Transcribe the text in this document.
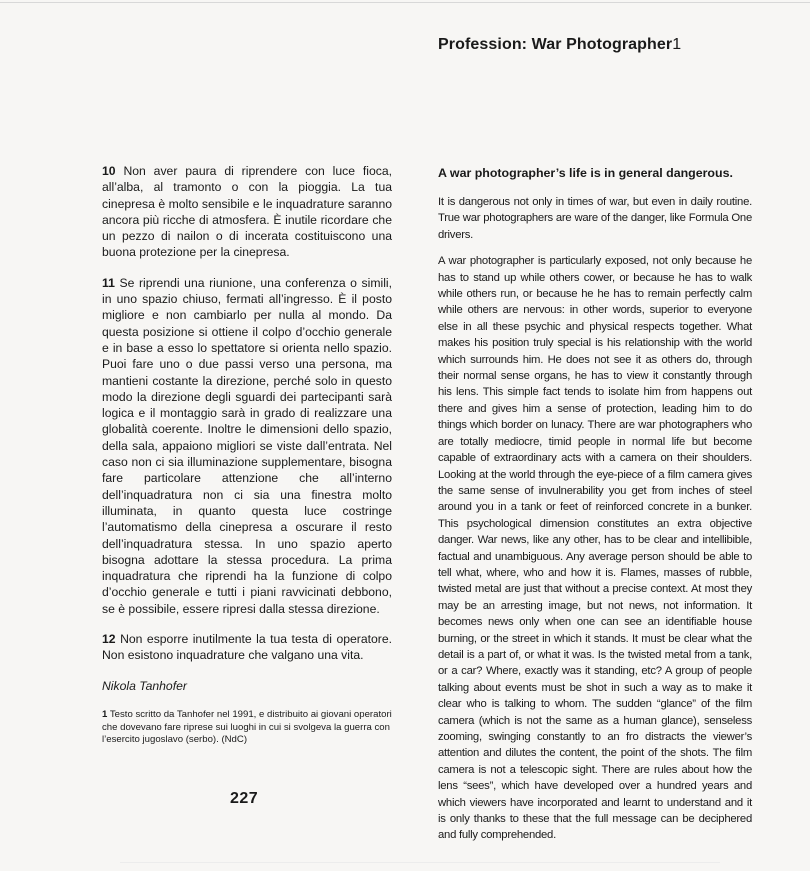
Profession: War Photographer1

10 Non aver paura di riprendere con luce fioca, all’alba, al tramonto o con la pioggia. La tua cinepresa è molto sensibile e le inquadrature saranno ancora più ricche di atmosfera. È inutile ricordare che un pezzo di nailon o di incerata costituiscono una buona protezione per la cinepresa.

11 Se riprendi una riunione, una conferenza o simili, in uno spazio chiuso, fermati all’ingresso. È il posto migliore e non cambiarlo per nulla al mondo. Da questa posizione si ottiene il colpo d’occhio generale e in base a esso lo spettatore si orienta nello spazio. Puoi fare uno o due passi verso una persona, ma mantieni costante la direzione, perché solo in questo modo la direzione degli sguardi dei partecipanti sarà logica e il montaggio sarà in grado di realizzare una globalità coerente. Inoltre le dimensioni dello spazio, della sala, appaiono migliori se viste dall’entrata. Nel caso non ci sia illuminazione supplementare, bisogna fare particolare attenzione che all’interno dell’inquadratura non ci sia una finestra molto illuminata, in quanto questa luce costringe l’automatismo della cinepresa a oscurare il resto dell’inquadratura stessa. In uno spazio aperto bisogna adottare la stessa procedura. La prima inquadratura che riprendi ha la funzione di colpo d’occhio generale e tutti i piani ravvicinati debbono, se è possibile, essere ripresi dalla stessa direzione.

12 Non esporre inutilmente la tua testa di operatore. Non esistono inquadrature che valgano una vita.

Nikola Tanhofer

1 Testo scritto da Tanhofer nel 1991, e distribuito ai giovani operatori che dovevano fare riprese sui luoghi in cui si svolgeva la guerra con l’esercito jugoslavo (serbo). (NdC)
227
A war photographer’s life is in general dangerous.

It is dangerous not only in times of war, but even in daily routine. True war photographers are ware of the danger, like Formula One drivers.

A war photographer is particularly exposed, not only because he has to stand up while others cower, or because he has to walk while others run, or because he he has to remain perfectly calm while others are nervous: in other words, superior to everyone else in all these psychic and physical respects together. What makes his position truly special is his relationship with the world which surrounds him. He does not see it as others do, through their normal sense organs, he has to view it constantly through his lens. This simple fact tends to isolate him from happens out there and gives him a sense of protection, leading him to do things which border on lunacy. There are war photographers who are totally mediocre, timid people in normal life but become capable of extraordinary acts with a camera on their shoulders. Looking at the world through the eye-piece of a film camera gives the same sense of invulnerability you get from inches of steel around you in a tank or feet of reinforced concrete in a bunker. This psychological dimension constitutes an extra objective danger. War news, like any other, has to be clear and intellibible, factual and unambiguous. Any average person should be able to tell what, where, who and how it is. Flames, masses of rubble, twisted metal are just that without a precise context. At most they may be an arresting image, but not news, not information. It becomes news only when one can see an identifiable house burning, or the street in which it stands. It must be clear what the detail is a part of, or what it was. Is the twisted metal from a tank, or a car? Where, exactly was it standing, etc? A group of people talking about events must be shot in such a way as to make it clear who is talking to whom. The sudden “glance” of the film camera (which is not the same as a human glance), senseless zooming, swinging constantly to an fro distracts the viewer’s attention and dilutes the content, the point of the shots. The film camera is not a telescopic sight. There are rules about how the lens “sees”, which have developed over a hundred years and which viewers have incorporated and learnt to understand and it is only thanks to these that the full message can be deciphered and fully comprehended.
